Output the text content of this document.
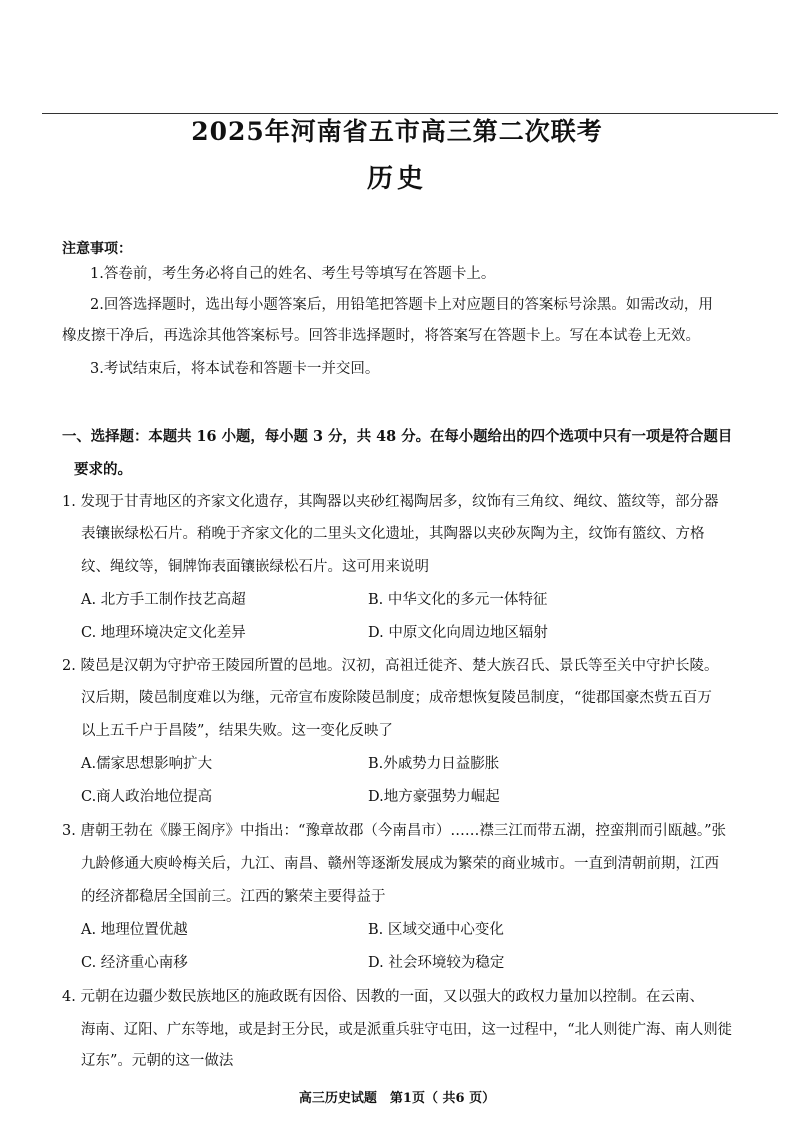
2025年河南省五市高三第二次联考
历史
注意事项：
1.答卷前，考生务必将自己的姓名、考生号等填写在答题卡上。
2.回答选择题时，选出每小题答案后，用铅笔把答题卡上对应题目的答案标号涂黑。如需改动，用
橡皮擦干净后，再选涂其他答案标号。回答非选择题时，将答案写在答题卡上。写在本试卷上无效。
3.考试结束后，将本试卷和答题卡一并交回。
一、选择题：本题共 16 小题，每小题 3 分，共 48 分。在每小题给出的四个选项中只有一项是符合题目
要求的。
1. 发现于甘青地区的齐家文化遗存，其陶器以夹砂红褐陶居多，纹饰有三角纹、绳纹、篮纹等，部分器
表镶嵌绿松石片。稍晚于齐家文化的二里头文化遗址，其陶器以夹砂灰陶为主，纹饰有篮纹、方格
纹、绳纹等，铜牌饰表面镶嵌绿松石片。这可用来说明
A. 北方手工制作技艺高超	B. 中华文化的多元一体特征
C. 地理环境决定文化差异	D. 中原文化向周边地区辐射
2. 陵邑是汉朝为守护帝王陵园所置的邑地。汉初，高祖迁徙齐、楚大族召氏、景氏等至关中守护长陵。
汉后期，陵邑制度难以为继，元帝宣布废除陵邑制度；成帝想恢复陵邑制度，“徙郡国豪杰赀五百万
以上五千户于昌陵”，结果失败。这一变化反映了
A.儒家思想影响扩大	B.外戚势力日益膨胀
C.商人政治地位提高	D.地方豪强势力崛起
3. 唐朝王勃在《滕王阁序》中指出：“豫章故郡（今南昌市）……襟三江而带五湖，控蛮荆而引瓯越。”张
九龄修通大庾岭梅关后，九江、南昌、赣州等逐渐发展成为繁荣的商业城市。一直到清朝前期，江西
的经济都稳居全国前三。江西的繁荣主要得益于
A. 地理位置优越	B. 区域交通中心变化
C. 经济重心南移	D. 社会环境较为稳定
4. 元朝在边疆少数民族地区的施政既有因俗、因教的一面，又以强大的政权力量加以控制。在云南、
海南、辽阳、广东等地，或是封王分民，或是派重兵驻守屯田，这一过程中，“北人则徙广海、南人则徙
辽东”。元朝的这一做法
高三历史试题　第1页（ 共6 页）
